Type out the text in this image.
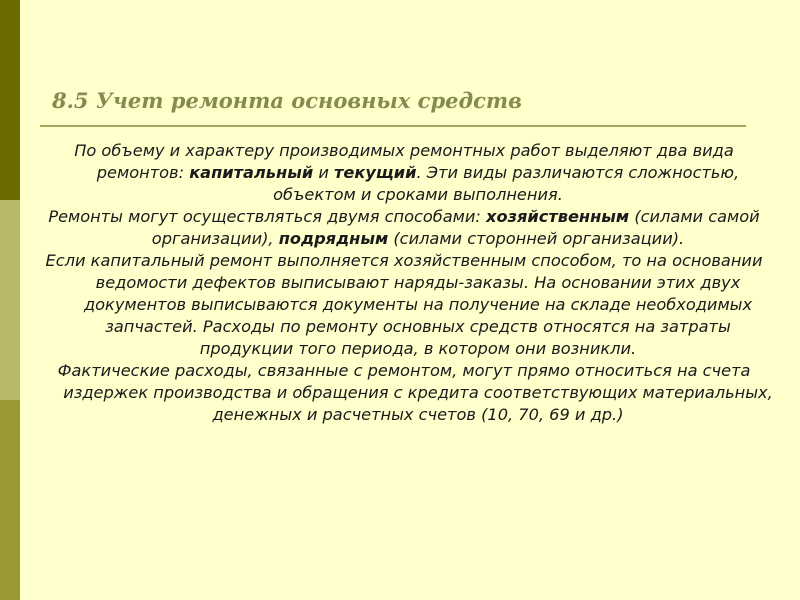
8.5 Учет ремонта основных средств

По объему и характеру производимых ремонтных работ выделяют два вида ремонтов: капитальный и текущий. Эти виды различаются сложностью, объектом и сроками выполнения.

Ремонты могут осуществляться двумя способами: хозяйственным (силами самой организации), подрядным (силами сторонней организации).

Если капитальный ремонт выполняется хозяйственным способом, то на основании ведомости дефектов выписывают наряды-заказы. На основании этих двух документов выписываются документы на получение на складе необходимых запчастей. Расходы по ремонту основных средств относятся на затраты продукции того периода, в котором они возникли.

Фактические расходы, связанные с ремонтом, могут прямо относиться на счета издержек производства и обращения с кредита соответствующих материальных, денежных и расчетных счетов (10, 70, 69 и др.)
